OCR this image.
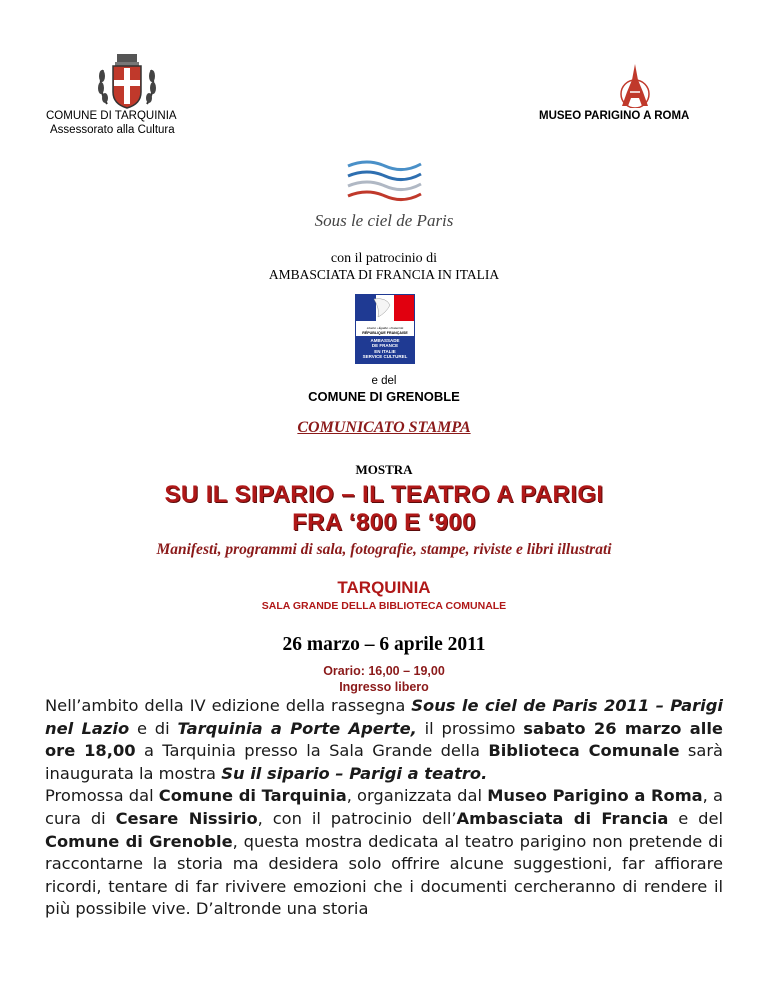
COMUNE DI TARQUINIA
Assessorato alla Cultura
MUSEO PARIGINO A ROMA
Sous le ciel de Paris
con il patrocinio di
AMBASCIATA DI FRANCIA IN ITALIA
Liberté • Égalité • Fraternité
RÉPUBLIQUE FRANÇAISE
AMBASSADE
DE FRANCE
EN ITALIE
SERVICE CULTUREL
e del
COMUNE DI GRENOBLE
COMUNICATO STAMPA
MOSTRA
SU IL SIPARIO – IL TEATRO A PARIGI
FRA ‘800 E ‘900
Manifesti, programmi di sala, fotografie, stampe, riviste e libri illustrati
TARQUINIA
SALA GRANDE DELLA BIBLIOTECA COMUNALE
26 marzo – 6 aprile 2011
Orario: 16,00 – 19,00
Ingresso libero
Nell’ambito della IV edizione della rassegna Sous le ciel de Paris 2011 – Parigi nel Lazio e di Tarquinia a Porte Aperte, il prossimo sabato 26 marzo alle ore 18,00 a Tarquinia presso la Sala Grande della Biblioteca Comunale sarà inaugurata la mostra Su il sipario – Parigi a teatro.
Promossa dal Comune di Tarquinia, organizzata dal Museo Parigino a Roma, a cura di Cesare Nissirio, con il patrocinio dell’Ambasciata di Francia e del Comune di Grenoble, questa mostra dedicata al teatro parigino non pretende di raccontarne la storia ma desidera solo offrire alcune suggestioni, far affiorare ricordi, tentare di far rivivere emozioni che i documenti cercheranno di rendere il più possibile vive. D’altronde una storia
